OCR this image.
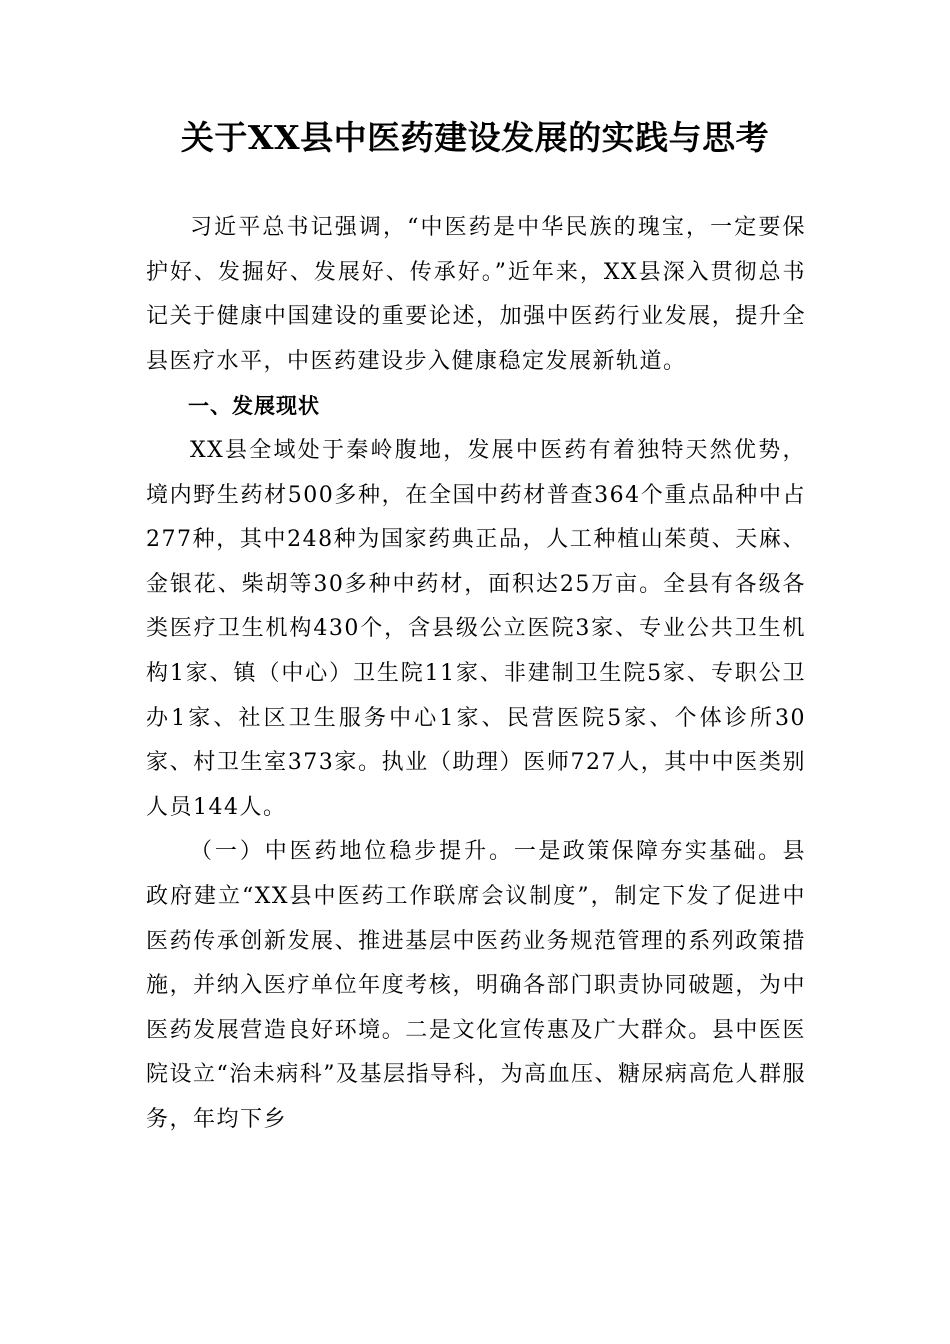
关于XX县中医药建设发展的实践与思考

习近平总书记强调，“中医药是中华民族的瑰宝，一定要保护好、发掘好、发展好、传承好。”近年来，XX县深入贯彻总书记关于健康中国建设的重要论述，加强中医药行业发展，提升全县医疗水平，中医药建设步入健康稳定发展新轨道。

一、发展现状

XX县全域处于秦岭腹地，发展中医药有着独特天然优势，境内野生药材500多种，在全国中药材普查364个重点品种中占277种，其中248种为国家药典正品，人工种植山茱萸、天麻、金银花、柴胡等30多种中药材，面积达25万亩。全县有各级各类医疗卫生机构430个，含县级公立医院3家、专业公共卫生机构1家、镇（中心）卫生院11家、非建制卫生院5家、专职公卫办1家、社区卫生服务中心1家、民营医院5家、个体诊所30家、村卫生室373家。执业（助理）医师727人，其中中医类别人员144人。

（一）中医药地位稳步提升。一是政策保障夯实基础。县政府建立“XX县中医药工作联席会议制度”，制定下发了促进中医药传承创新发展、推进基层中医药业务规范管理的系列政策措施，并纳入医疗单位年度考核，明确各部门职责协同破题，为中医药发展营造良好环境。二是文化宣传惠及广大群众。县中医医院设立“治未病科”及基层指导科，为高血压、糖尿病高危人群服务，年均下乡
